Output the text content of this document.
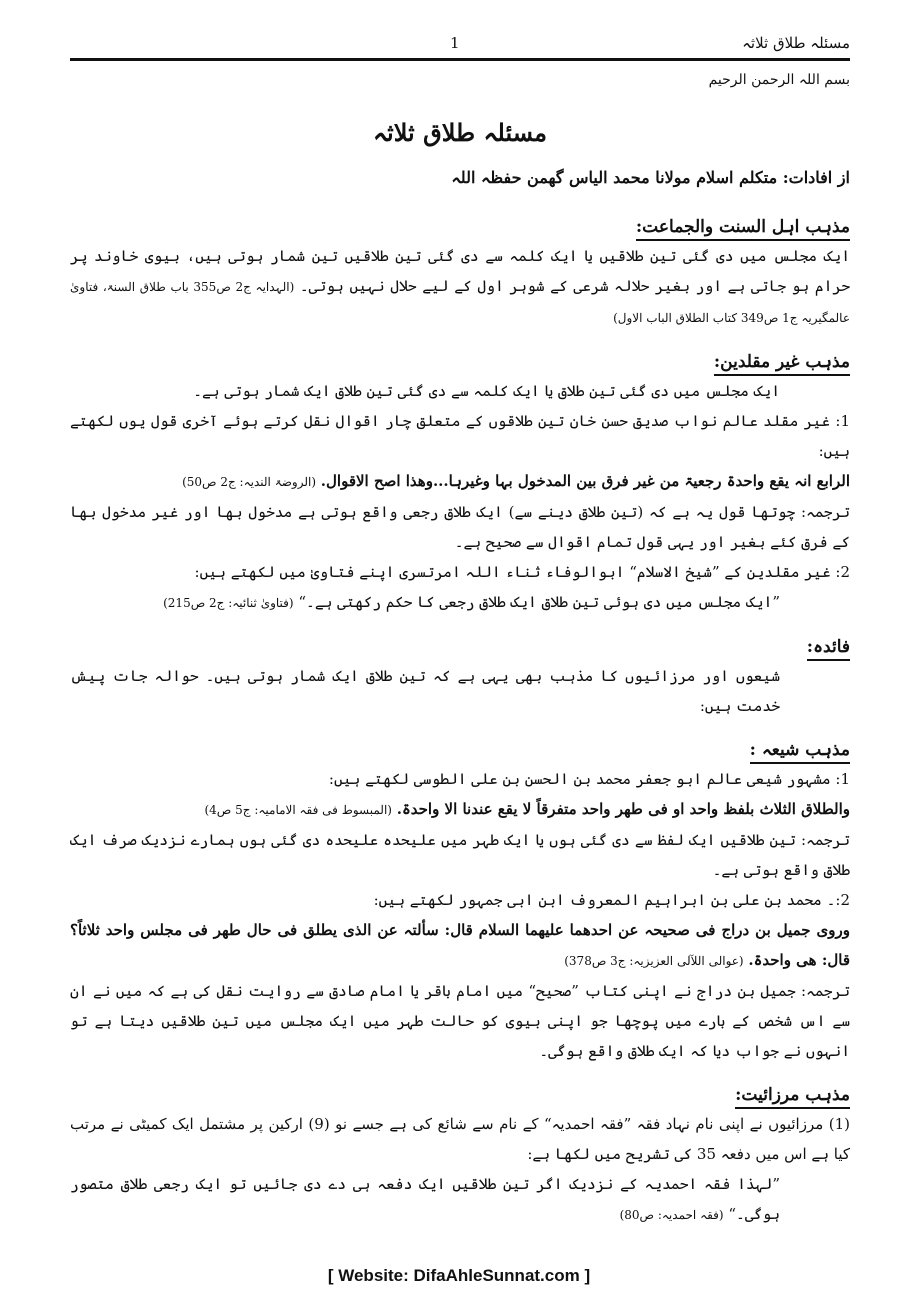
مسئلہ طلاق ثلاثہ
1
بسم اللہ الرحمن الرحیم
مسئلہ طلاق ثلاثہ
از افادات: متکلم اسلام مولانا محمد الیاس گھمن حفظہ اللہ
مذہب اہل السنت والجماعت:

ایک مجلس میں دی گئی تین طلاقیں یا ایک کلمہ سے دی گئی تین طلاقیں تین شمار ہوتی ہیں، بیوی خاوند پر حرام ہو جاتی ہے اور بغیر حلالہ شرعی کے شوہر اول کے لیے حلال نہیں ہوتی۔ (الہدایہ ج2 ص355 باب طلاق السنۃ، فتاویٰ عالمگیریہ ج1 ص349 کتاب الطلاق الباب الاول)

مذہب غیر مقلدین:

ایک مجلس میں دی گئی تین طلاق یا ایک کلمہ سے دی گئی تین طلاق ایک شمار ہوتی ہے۔

1: غیر مقلد عالم نواب صدیق حسن خان تین طلاقوں کے متعلق چار اقوال نقل کرتے ہوئے آخری قول یوں لکھتے ہیں:

الرابع انہ یقع واحدۃ رجعیۃ من غیر فرق بین المدخول بہا وغیرہا...وھذا اصح الاقوال. (الروضۃ الندیہ: ج2 ص50)

ترجمہ: چوتھا قول یہ ہے کہ (تین طلاق دینے سے) ایک طلاق رجعی واقع ہوتی ہے مدخول بھا اور غیر مدخول بھا کے فرق کئے بغیر اور یہی قول تمام اقوال سے صحیح ہے۔

2: غیر مقلدین کے ”شیخ الاسلام“ ابوالوفاء ثناء اللہ امرتسری اپنے فتاویٰ میں لکھتے ہیں:

”ایک مجلس میں دی ہوئی تین طلاق ایک طلاق رجعی کا حکم رکھتی ہے۔“ (فتاویٰ ثنائیہ: ج2 ص215)

فائدہ:

شیعوں اور مرزائیوں کا مذہب بھی یہی ہے کہ تین طلاق ایک شمار ہوتی ہیں۔ حوالہ جات پیش خدمت ہیں:

مذہب شیعہ :

1: مشہور شیعی عالم ابو جعفر محمد بن الحسن بن علی الطوسی لکھتے ہیں:

والطلاق الثلاث بلفظ واحد او فی طھر واحد متفرقاً لا یقع عندنا الا واحدۃ. (المبسوط فی فقہ الامامیہ: ج5 ص4)

ترجمہ: تین طلاقیں ایک لفظ سے دی گئی ہوں یا ایک طہر میں علیحدہ علیحدہ دی گئی ہوں ہمارے نزدیک صرف ایک طلاق واقع ہوتی ہے۔

2:۔ محمد بن علی بن ابراہیم المعروف ابن ابی جمہور لکھتے ہیں:

وروی جمیل بن دراج فی صحیحہ عن احدھما علیھما السلام قال: سألتہ عن الذی یطلق فی حال طھر فی مجلس واحد ثلاثاً؟ قال: ھی واحدۃ. (عوالی اللآلی العزیزیہ: ج3 ص378)

ترجمہ: جمیل بن دراج نے اپنی کتاب ”صحیح“ میں امام باقر یا امام صادق سے روایت نقل کی ہے کہ میں نے ان سے اس شخص کے بارے میں پوچھا جو اپنی بیوی کو حالت طہر میں ایک مجلس میں تین طلاقیں دیتا ہے تو انہوں نے جواب دیا کہ ایک طلاق واقع ہوگی۔

مذہب مرزائیت:

(1) مرزائیوں نے اپنی نام نہاد فقہ ”فقہ احمدیہ“ کے نام سے شائع کی ہے جسے نو (9) ارکین پر مشتمل ایک کمیٹی نے مرتب کیا ہے اس میں دفعہ 35 کی تشریح میں لکھا ہے:

”لہذا فقہ احمدیہ کے نزدیک اگر تین طلاقیں ایک دفعہ ہی دے دی جائیں تو ایک رجعی طلاق متصور ہوگی۔“ (فقہ احمدیہ: ص80)

[ Website: DifaAhleSunnat.com ]
